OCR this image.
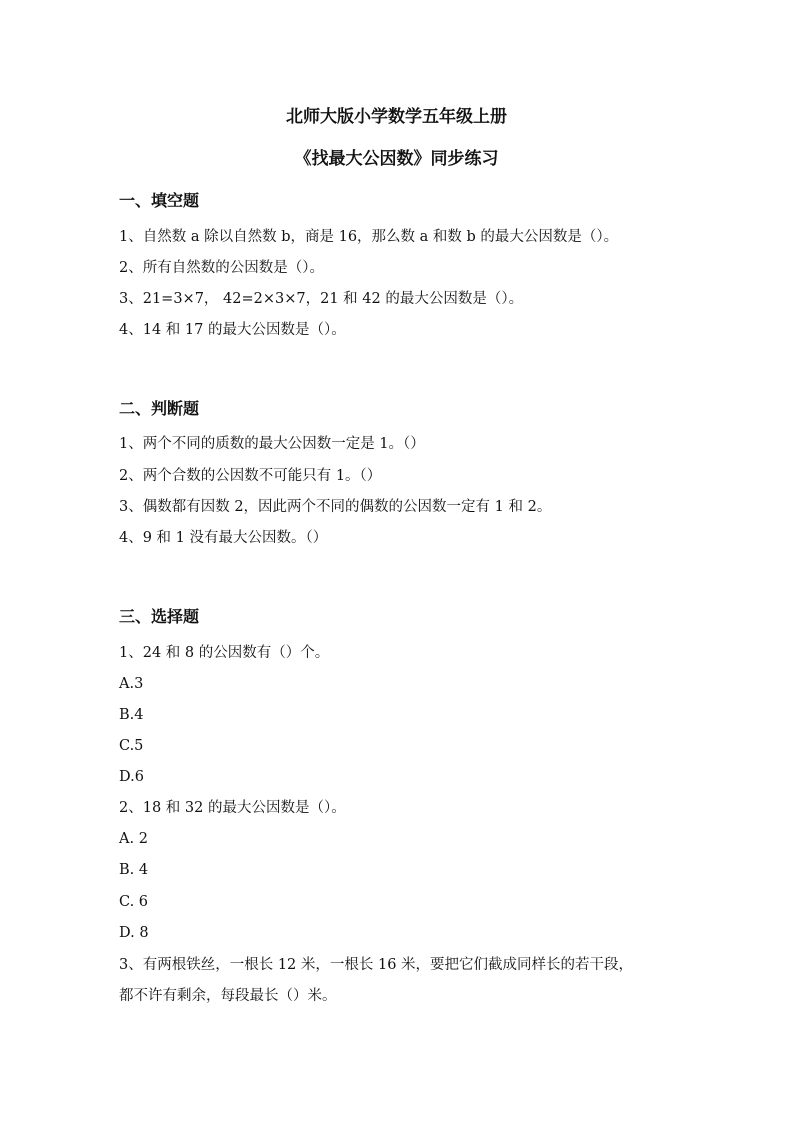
北师大版小学数学五年级上册
《找最大公因数》同步练习
一、填空题
1、自然数 a 除以自然数 b，商是 16，那么数 a 和数 b 的最大公因数是（）。
2、所有自然数的公因数是（）。
3、21=3×7， 42=2×3×7，21 和 42 的最大公因数是（）。
4、14 和 17 的最大公因数是（）。
二、判断题
1、两个不同的质数的最大公因数一定是 1。（）
2、两个合数的公因数不可能只有 1。（）
3、偶数都有因数 2，因此两个不同的偶数的公因数一定有 1 和 2。
4、9 和 1 没有最大公因数。（）
三、选择题
1、24 和 8 的公因数有（）个。
A.3
B.4
C.5
D.6
2、18 和 32 的最大公因数是（）。
A. 2
B. 4
C. 6
D. 8
3、有两根铁丝，一根长 12 米，一根长 16 米，要把它们截成同样长的若干段，
都不许有剩余，每段最长（）米。
